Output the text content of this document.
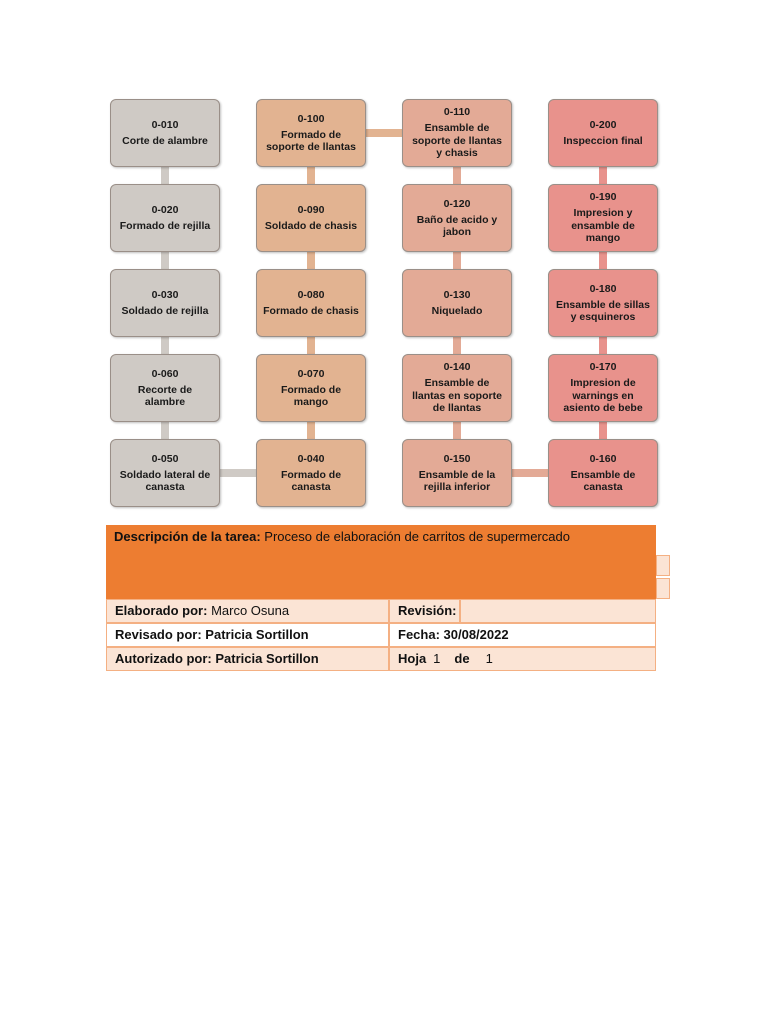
0-010
Corte de alambre
0-020
Formado de rejilla
0-030
Soldado de rejilla
0-060
Recorte de alambre
0-050
Soldado lateral de canasta
0-100
Formado de soporte de llantas
0-090
Soldado de chasis
0-080
Formado de chasis
0-070
Formado de mango
0-040
Formado de canasta
0-110
Ensamble de soporte de llantas y chasis
0-120
Baño de acido y jabon
0-130
Niquelado
0-140
Ensamble de llantas en soporte de llantas
0-150
Ensamble de la rejilla inferior
0-200
Inspeccion final
0-190
Impresion y ensamble de mango
0-180
Ensamble de sillas y esquineros
0-170
Impresion de warnings en asiento de bebe
0-160
Ensamble de canasta
Descripción de la tarea: Proceso de elaboración de carritos de supermercado
Elaborado por: Marco Osuna	Revisión:
Revisado por: Patricia Sortillon	Fecha: 30/08/2022
Autorizado por: Patricia Sortillon	Hoja 1 de 1
